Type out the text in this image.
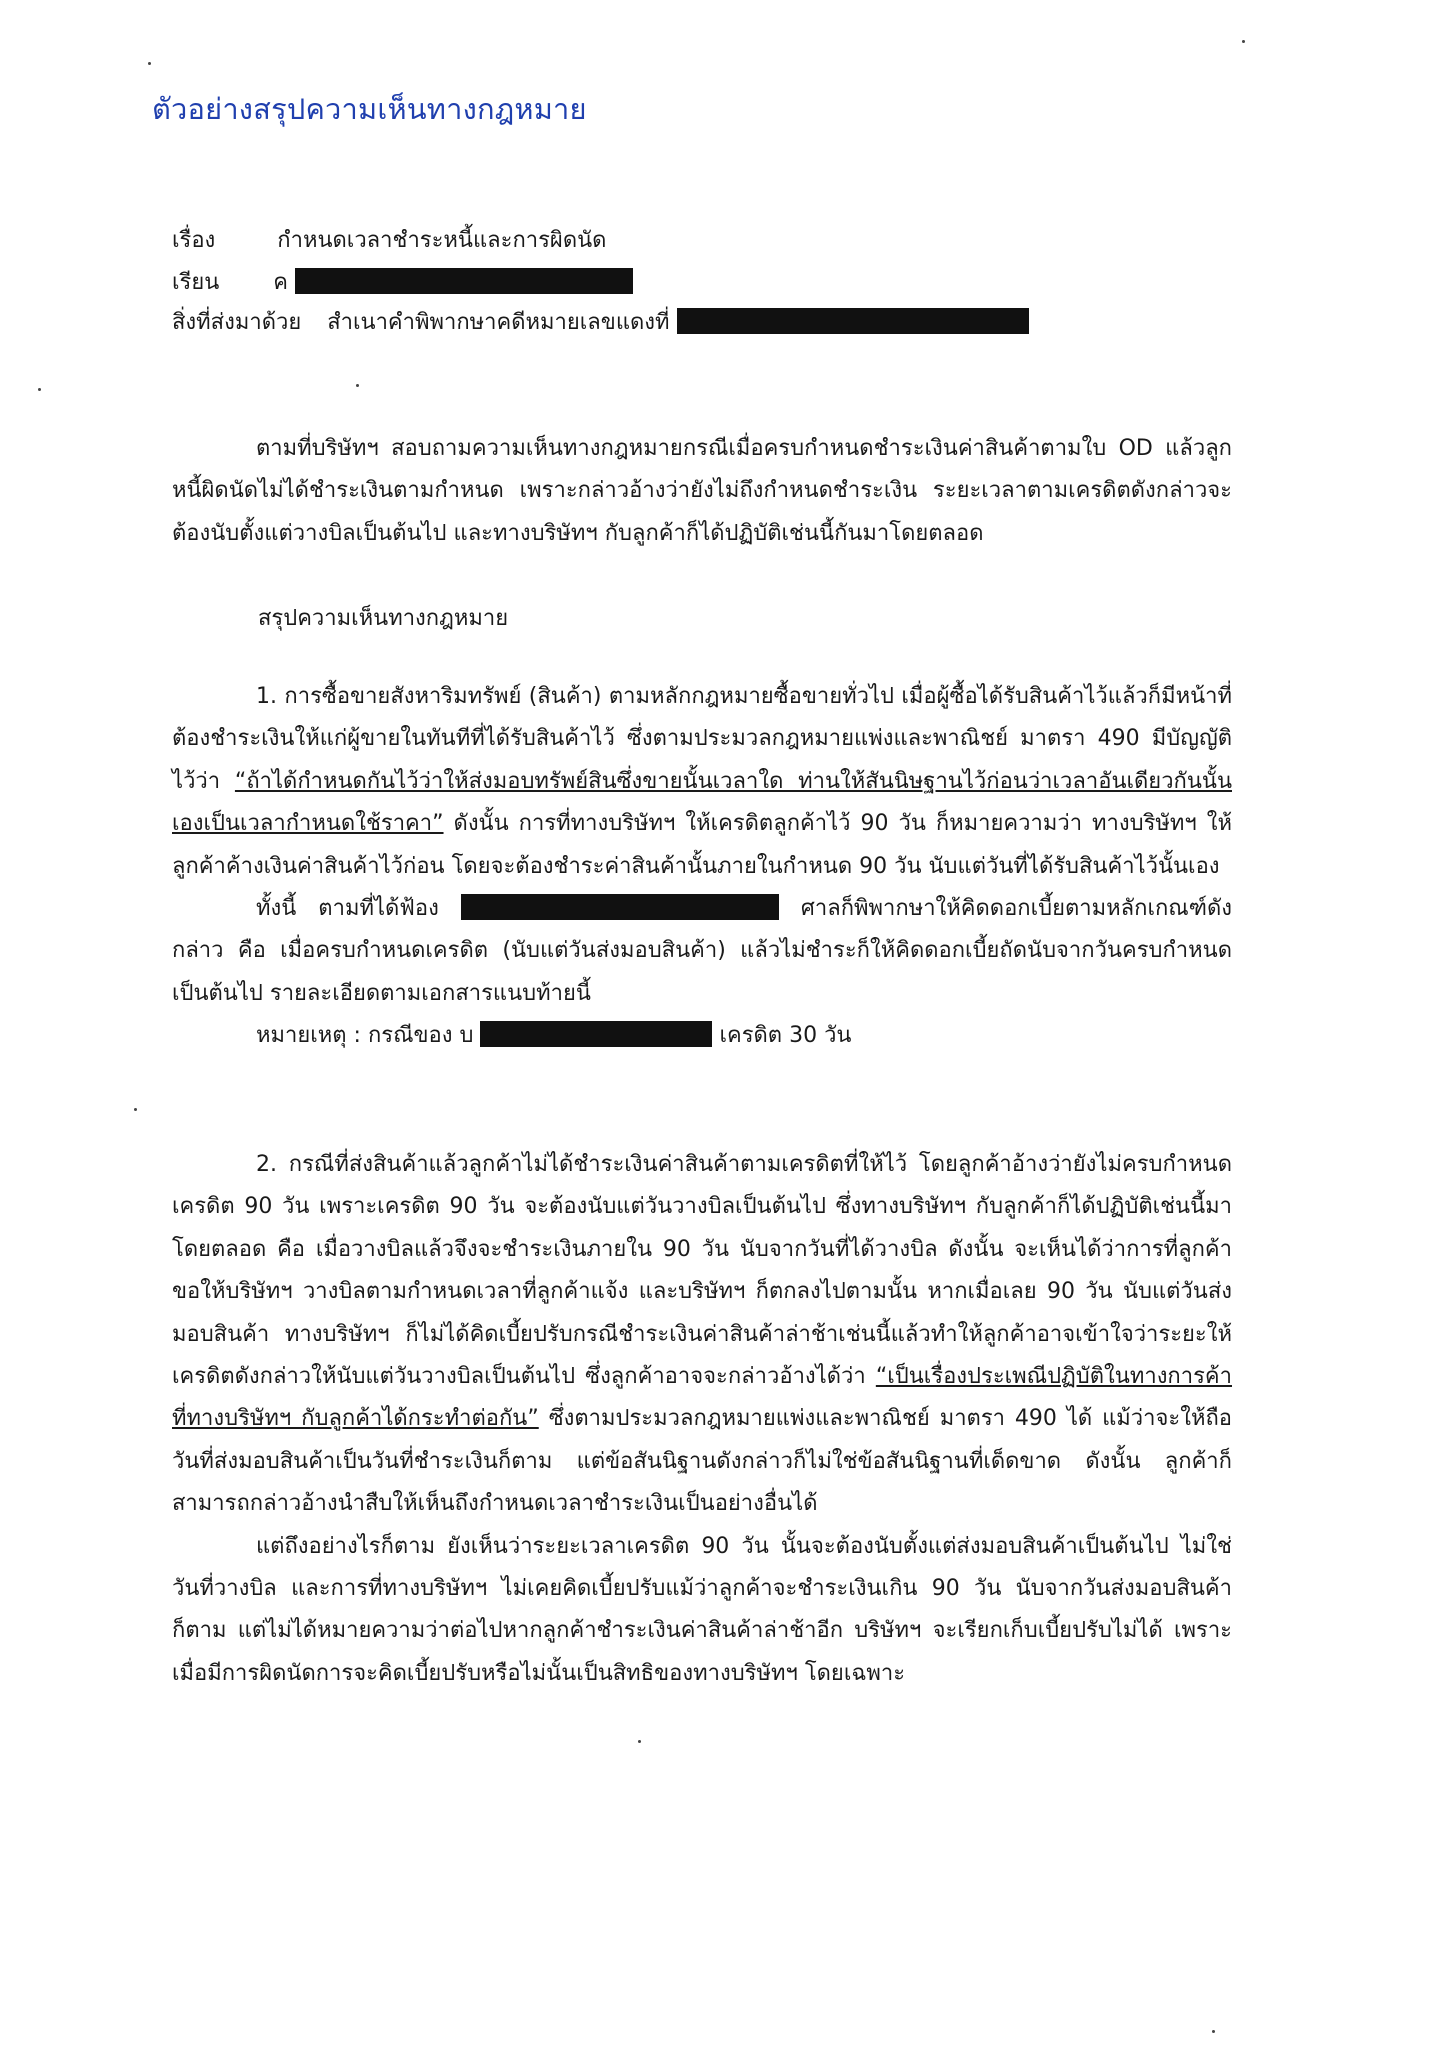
ตัวอย่างสรุปความเห็นทางกฎหมาย
เรื่อง	กำหนดเวลาชำระหนี้และการผิดนัด
เรียน ค
สิ่งที่ส่งมาด้วย สำเนาคำพิพากษาคดีหมายเลขแดงที่

ตามที่บริษัทฯ สอบถามความเห็นทางกฎหมายกรณีเมื่อครบกำหนดชำระเงินค่าสินค้าตามใบ OD แล้วลูกหนี้ผิดนัดไม่ได้ชำระเงินตามกำหนด เพราะกล่าวอ้างว่ายังไม่ถึงกำหนดชำระเงิน ระยะเวลาตามเครดิตดังกล่าวจะต้องนับตั้งแต่วางบิลเป็นต้นไป และทางบริษัทฯ กับลูกค้าก็ได้ปฏิบัติเช่นนี้กันมาโดยตลอด

สรุปความเห็นทางกฎหมาย

1. การซื้อขายสังหาริมทรัพย์ (สินค้า) ตามหลักกฎหมายซื้อขายทั่วไป เมื่อผู้ซื้อได้รับสินค้าไว้แล้วก็มีหน้าที่ต้องชำระเงินให้แก่ผู้ขายในทันทีที่ได้รับสินค้าไว้ ซึ่งตามประมวลกฎหมายแพ่งและพาณิชย์ มาตรา 490 มีบัญญัติไว้ว่า “ถ้าได้กำหนดกันไว้ว่าให้ส่งมอบทรัพย์สินซึ่งขายนั้นเวลาใด ท่านให้สันนิษฐานไว้ก่อนว่าเวลาอันเดียวกันนั้นเองเป็นเวลากำหนดใช้ราคา” ดังนั้น การที่ทางบริษัทฯ ให้เครดิตลูกค้าไว้ 90 วัน ก็หมายความว่า ทางบริษัทฯ ให้ลูกค้าค้างเงินค่าสินค้าไว้ก่อน โดยจะต้องชำระค่าสินค้านั้นภายในกำหนด 90 วัน นับแต่วันที่ได้รับสินค้าไว้นั้นเอง

ทั้งนี้ ตามที่ได้ฟ้อง	ศาลก็พิพากษาให้คิดดอกเบี้ยตามหลักเกณฑ์ดังกล่าว คือ เมื่อครบกำหนดเครดิต (นับแต่วันส่งมอบสินค้า) แล้วไม่ชำระก็ให้คิดดอกเบี้ยถัดนับจากวันครบกำหนดเป็นต้นไป รายละเอียดตามเอกสารแนบท้ายนี้

หมายเหตุ : กรณีของ บ	เครดิต 30 วัน

2. กรณีที่ส่งสินค้าแล้วลูกค้าไม่ได้ชำระเงินค่าสินค้าตามเครดิตที่ให้ไว้ โดยลูกค้าอ้างว่ายังไม่ครบกำหนดเครดิต 90 วัน เพราะเครดิต 90 วัน จะต้องนับแต่วันวางบิลเป็นต้นไป ซึ่งทางบริษัทฯ กับลูกค้าก็ได้ปฏิบัติเช่นนี้มาโดยตลอด คือ เมื่อวางบิลแล้วจึงจะชำระเงินภายใน 90 วัน นับจากวันที่ได้วางบิล ดังนั้น จะเห็นได้ว่าการที่ลูกค้าขอให้บริษัทฯ วางบิลตามกำหนดเวลาที่ลูกค้าแจ้ง และบริษัทฯ ก็ตกลงไปตามนั้น หากเมื่อเลย 90 วัน นับแต่วันส่งมอบสินค้า ทางบริษัทฯ ก็ไม่ได้คิดเบี้ยปรับกรณีชำระเงินค่าสินค้าล่าช้าเช่นนี้แล้วทำให้ลูกค้าอาจเข้าใจว่าระยะให้เครดิตดังกล่าวให้นับแต่วันวางบิลเป็นต้นไป ซึ่งลูกค้าอาจจะกล่าวอ้างได้ว่า “เป็นเรื่องประเพณีปฏิบัติในทางการค้าที่ทางบริษัทฯ กับลูกค้าได้กระทำต่อกัน” ซึ่งตามประมวลกฎหมายแพ่งและพาณิชย์ มาตรา 490 ได้ แม้ว่าจะให้ถือวันที่ส่งมอบสินค้าเป็นวันที่ชำระเงินก็ตาม แต่ข้อสันนิฐานดังกล่าวก็ไม่ใช่ข้อสันนิฐานที่เด็ดขาด ดังนั้น ลูกค้าก็สามารถกล่าวอ้างนำสืบให้เห็นถึงกำหนดเวลาชำระเงินเป็นอย่างอื่นได้

แต่ถึงอย่างไรก็ตาม ยังเห็นว่าระยะเวลาเครดิต 90 วัน นั้นจะต้องนับตั้งแต่ส่งมอบสินค้าเป็นต้นไป ไม่ใช่วันที่วางบิล และการที่ทางบริษัทฯ ไม่เคยคิดเบี้ยปรับแม้ว่าลูกค้าจะชำระเงินเกิน 90 วัน นับจากวันส่งมอบสินค้าก็ตาม แต่ไม่ได้หมายความว่าต่อไปหากลูกค้าชำระเงินค่าสินค้าล่าช้าอีก บริษัทฯ จะเรียกเก็บเบี้ยปรับไม่ได้ เพราะเมื่อมีการผิดนัดการจะคิดเบี้ยปรับหรือไม่นั้นเป็นสิทธิของทางบริษัทฯ โดยเฉพาะ
